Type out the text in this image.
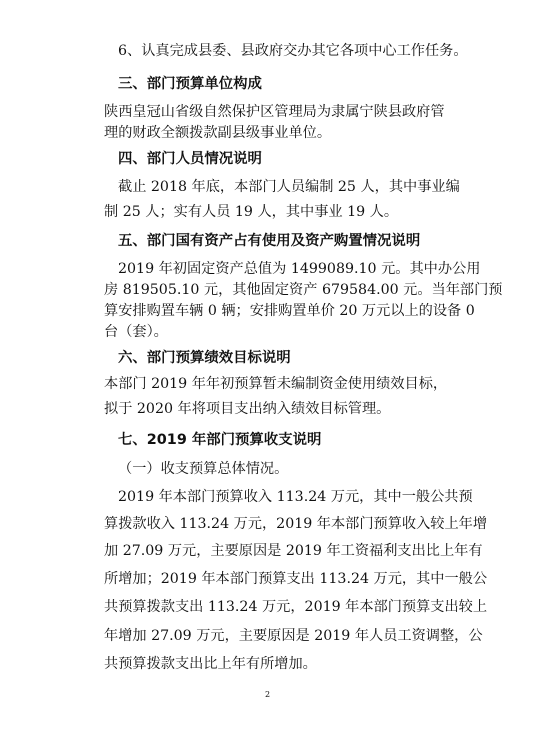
6、认真完成县委、县政府交办其它各项中心工作任务。
三、部门预算单位构成
陕西皇冠山省级自然保护区管理局为隶属宁陕县政府管
理的财政全额拨款副县级事业单位。
四、部门人员情况说明
截止 2018 年底，本部门人员编制 25 人，其中事业编
制 25 人；实有人员 19 人，其中事业 19 人。
五、部门国有资产占有使用及资产购置情况说明
2019 年初固定资产总值为 1499089.10 元。其中办公用
房 819505.10 元，其他固定资产 679584.00 元。当年部门预
算安排购置车辆 0 辆；安排购置单价 20 万元以上的设备 0
台（套）。
六、部门预算绩效目标说明
本部门 2019 年年初预算暂未编制资金使用绩效目标，
拟于 2020 年将项目支出纳入绩效目标管理。
七、2019 年部门预算收支说明
（一）收支预算总体情况。
2019 年本部门预算收入 113.24 万元，其中一般公共预
算拨款收入 113.24 万元，2019 年本部门预算收入较上年增
加 27.09 万元，主要原因是 2019 年工资福利支出比上年有
所增加；2019 年本部门预算支出 113.24 万元，其中一般公
共预算拨款支出 113.24 万元，2019 年本部门预算支出较上
年增加 27.09 万元，主要原因是 2019 年人员工资调整，公
共预算拨款支出比上年有所增加。
2
